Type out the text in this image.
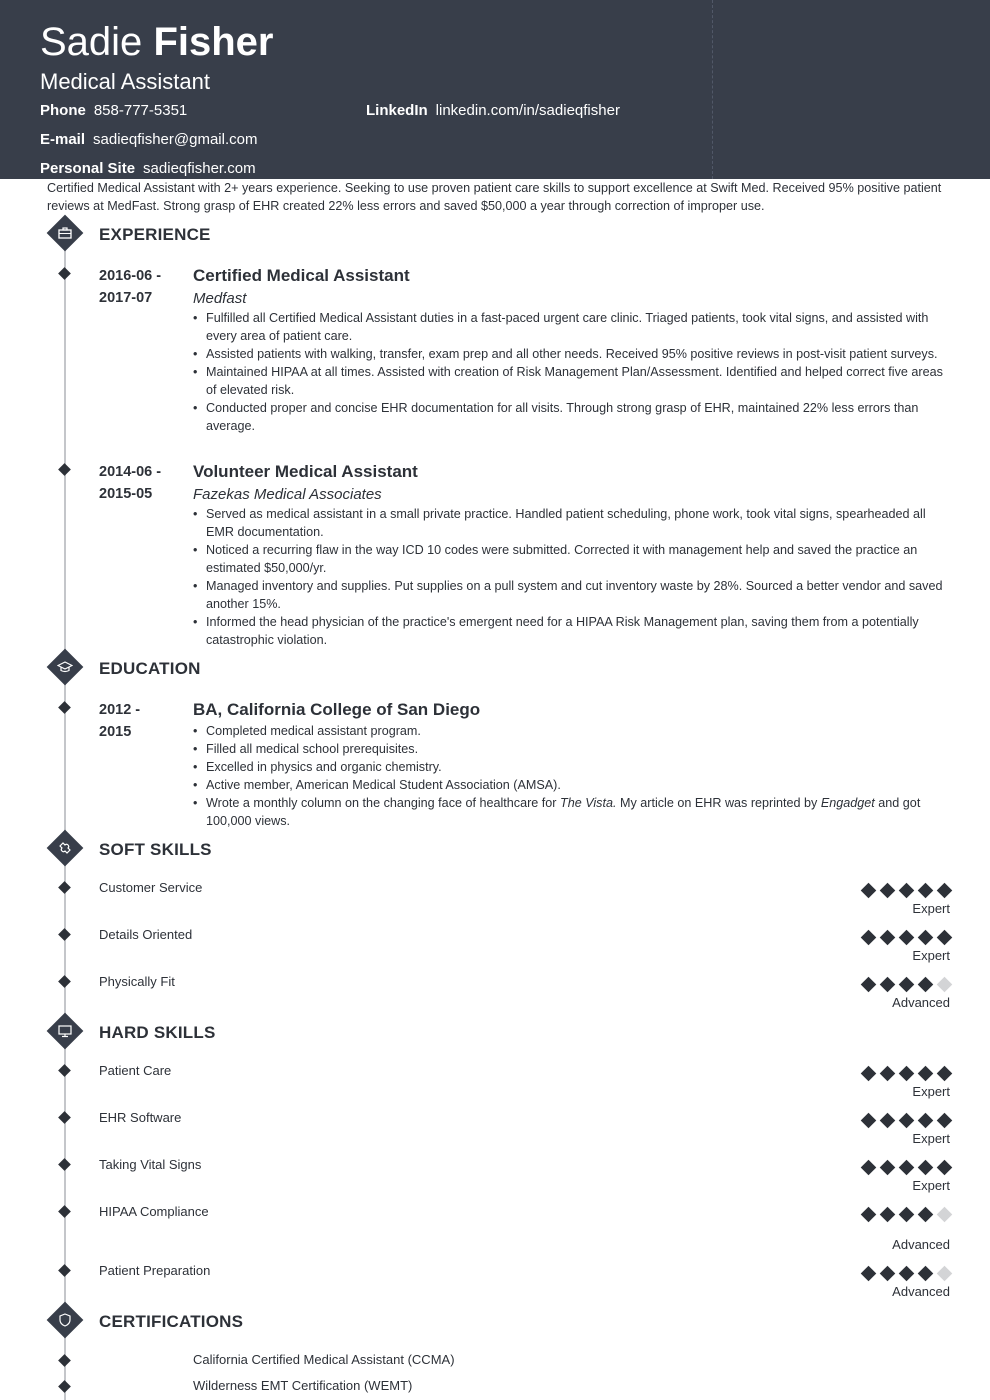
Sadie Fisher
Medical Assistant
Phone 858-777-5351	LinkedIn linkedin.com/in/sadieqfisher
E-mail sadieqfisher@gmail.com
Personal Site sadieqfisher.com
Certified Medical Assistant with 2+ years experience. Seeking to use proven patient care skills to support excellence at Swift Med. Received 95% positive patient reviews at MedFast. Strong grasp of EHR created 22% less errors and saved $50,000 a year through correction of improper use.
EXPERIENCE
2016-06 -
2017-07
Certified Medical Assistant
Medfast
• Fulfilled all Certified Medical Assistant duties in a fast-paced urgent care clinic. Triaged patients, took vital signs, and assisted with every area of patient care.
• Assisted patients with walking, transfer, exam prep and all other needs. Received 95% positive reviews in post-visit patient surveys.
• Maintained HIPAA at all times. Assisted with creation of Risk Management Plan/Assessment. Identified and helped correct five areas of elevated risk.
• Conducted proper and concise EHR documentation for all visits. Through strong grasp of EHR, maintained 22% less errors than average.
2014-06 -
2015-05
Volunteer Medical Assistant
Fazekas Medical Associates
• Served as medical assistant in a small private practice. Handled patient scheduling, phone work, took vital signs, spearheaded all EMR documentation.
• Noticed a recurring flaw in the way ICD 10 codes were submitted. Corrected it with management help and saved the practice an estimated $50,000/yr.
• Managed inventory and supplies. Put supplies on a pull system and cut inventory waste by 28%. Sourced a better vendor and saved another 15%.
• Informed the head physician of the practice's emergent need for a HIPAA Risk Management plan, saving them from a potentially catastrophic violation.
EDUCATION
2012 -
2015
BA, California College of San Diego
• Completed medical assistant program.
• Filled all medical school prerequisites.
• Excelled in physics and organic chemistry.
• Active member, American Medical Student Association (AMSA).
• Wrote a monthly column on the changing face of healthcare for The Vista. My article on EHR was reprinted by Engadget and got 100,000 views.
SOFT SKILLS
Customer Service
Expert
Details Oriented
Expert
Physically Fit
Advanced
HARD SKILLS
Patient Care
Expert
EHR Software
Expert
Taking Vital Signs
Expert
HIPAA Compliance
Advanced
Patient Preparation
Advanced
CERTIFICATIONS
California Certified Medical Assistant (CCMA)
Wilderness EMT Certification (WEMT)
